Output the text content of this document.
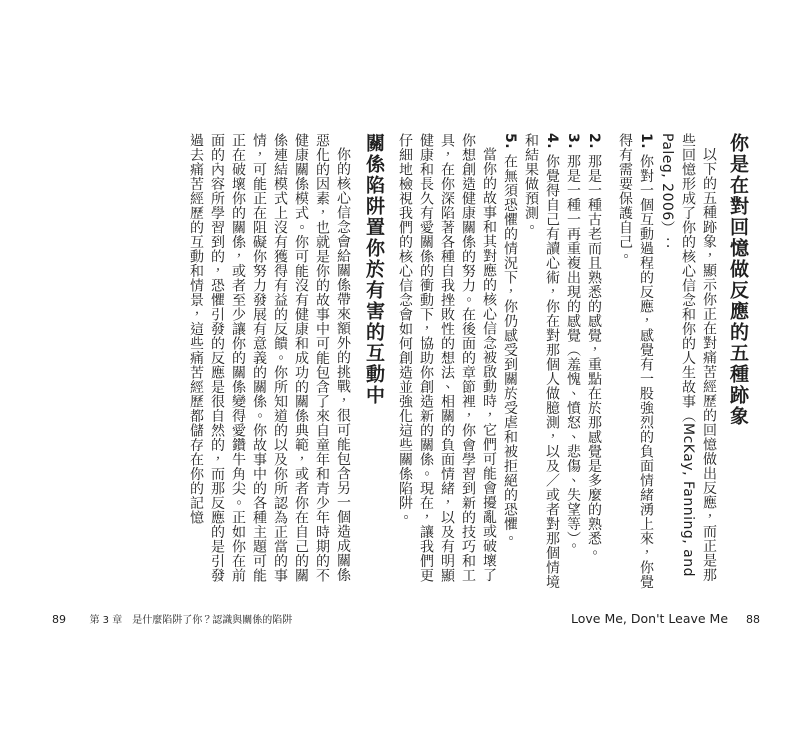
你是在對回憶做反應的五種跡象

以下的五種跡象，顯示你正在對痛苦經歷的回憶做出反應，而正是那些回憶形成了你的核心信念和你的人生故事（McKay, Fanning, and Paleg, 2006）：

1. 你對一個互動過程的反應，感覺有一股強烈的負面情緒湧上來，你覺得有需要保護自己。

2. 那是一種古老而且熟悉的感覺，重點在於那感覺是多麼的熟悉。

3. 那是一種一再重複出現的感覺（羞愧、憤怒、悲傷、失望等）。

4. 你覺得自己有讀心術，你在對那個人做臆測，以及／或者對那個情境和結果做預測。

5. 在無須恐懼的情況下，你仍感受到關於受虐和被拒絕的恐懼。

當你的故事和其對應的核心信念被啟動時，它們可能會擾亂或破壞了你想創造健康關係的努力。在後面的章節裡，你會學習到新的技巧和工具，在你深陷著各種自我挫敗性的想法、相關的負面情緒，以及有明顯健康和長久有愛關係的衝動下，協助你創造新的關係。現在，讓我們更仔細地檢視我們的核心信念會如何創造並強化這些關係陷阱。

關係陷阱置你於有害的互動中

你的核心信念會給關係帶來額外的挑戰，很可能包含另一個造成關係惡化的因素，也就是你的故事中可能包含了來自童年和青少年時期的不健康關係模式。你可能沒有健康和成功的關係典範，或者你在自己的關係連結模式上沒有獲得有益的反饋。你所知道的以及你所認為正當的事情，可能正在阻礙你努力發展有意義的關係。你故事中的各種主題可能正在破壞你的關係，或者至少讓你的關係變得愛鑽牛角尖。正如你在前面的內容所學習到的，恐懼引發的反應是很自然的，而那反應的是引發過去痛苦經歷的互動和情景，這些痛苦經歷都儲存在你的記憶

89 第 3 章　是什麼陷阱了你？認識與關係的陷阱	Love Me, Don't Leave Me 88
